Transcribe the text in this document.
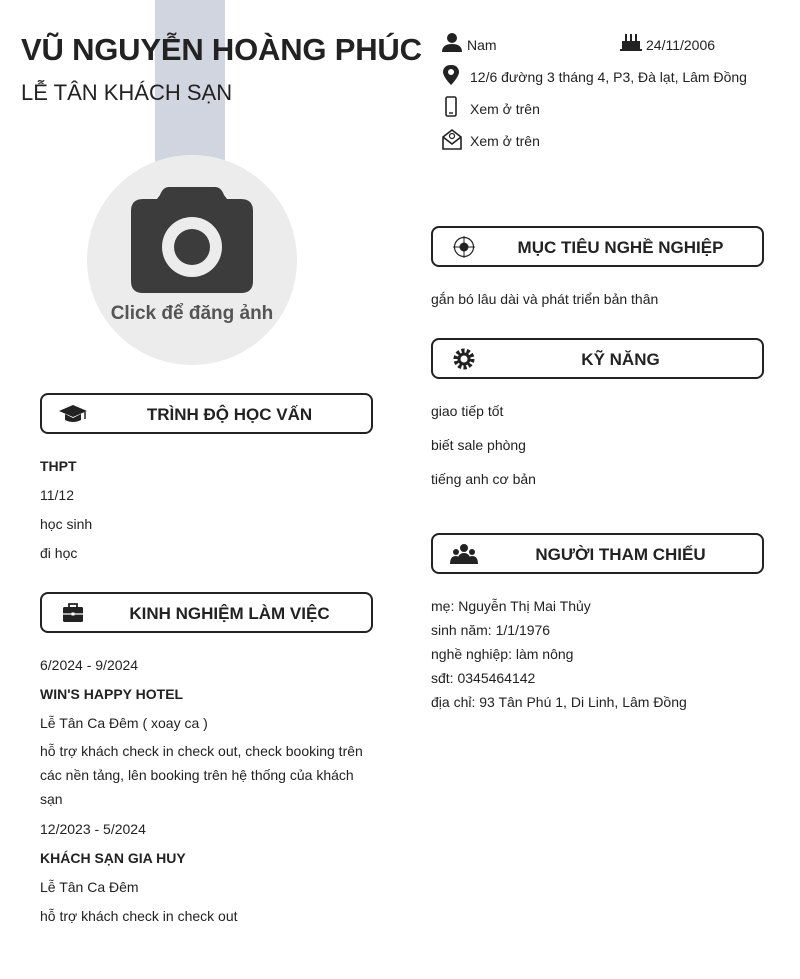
VŨ NGUYỄN HOÀNG PHÚC
LỄ TÂN KHÁCH SẠN
Nam	24/11/2006
12/6 đường 3 tháng 4, P3, Đà lạt, Lâm Đồng
Xem ở trên
Xem ở trên
Click để đăng ảnh
TRÌNH ĐỘ HỌC VẤN
THPT
11/12
học sinh
đi học
KINH NGHIỆM LÀM VIỆC
6/2024 - 9/2024
WIN'S HAPPY HOTEL
Lễ Tân Ca Đêm ( xoay ca )
hỗ trợ khách check in check out, check booking trên các nền tảng, lên booking trên hệ thống của khách sạn
12/2023 - 5/2024
KHÁCH SẠN GIA HUY
Lễ Tân Ca Đêm
hỗ trợ khách check in check out
MỤC TIÊU NGHỀ NGHIỆP
gắn bó lâu dài và phát triển bản thân
KỸ NĂNG
giao tiếp tốt
biết sale phòng
tiếng anh cơ bản
NGƯỜI THAM CHIẾU
mẹ: Nguyễn Thị Mai Thủy
sinh năm: 1/1/1976
nghề nghiệp: làm nông
sđt: 0345464142
địa chỉ: 93 Tân Phú 1, Di Linh, Lâm Đồng
